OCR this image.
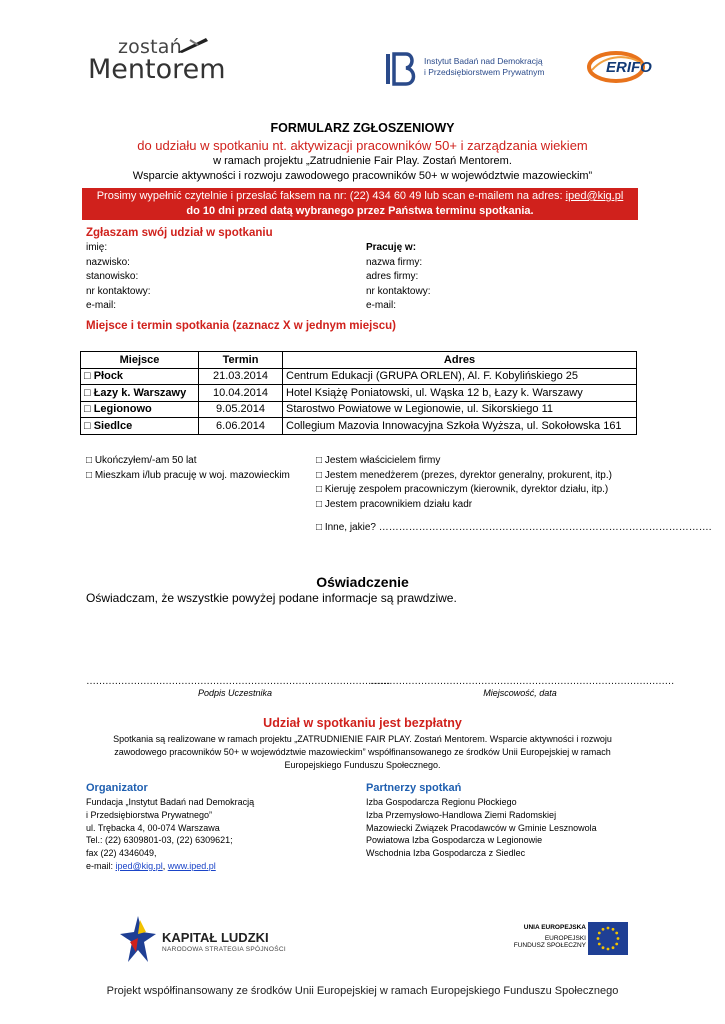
zostań
Mentorem	Instytut Badań nad Demokracją
i Przedsiębiorstwem Prywatnym	ERIFO
FORMULARZ ZGŁOSZENIOWY
do udziału w spotkaniu nt. aktywizacji pracowników 50+ i zarządzania wiekiem
w ramach projektu „Zatrudnienie Fair Play. Zostań Mentorem.
Wsparcie aktywności i rozwoju zawodowego pracowników 50+ w województwie mazowieckim”
Prosimy wypełnić czytelnie i przesłać faksem na nr: (22) 434 60 49 lub scan e-mailem na adres: iped@kig.pl
do 10 dni przed datą wybranego przez Państwa terminu spotkania.
Zgłaszam swój udział w spotkaniu
imię:
nazwisko:
stanowisko:
nr kontaktowy:
e-mail:
Pracuję w:
nazwa firmy:
adres firmy:
nr kontaktowy:
e-mail:
Miejsce i termin spotkania (zaznacz X w jednym miejscu)
Miejsce	Termin	Adres
□ Płock	21.03.2014	Centrum Edukacji (GRUPA ORLEN), Al. F. Kobylińskiego 25
□ Łazy k. Warszawy	10.04.2014	Hotel Książę Poniatowski, ul. Wąska 12 b, Łazy k. Warszawy
□ Legionowo	9.05.2014	Starostwo Powiatowe w Legionowie, ul. Sikorskiego 11
□ Siedlce	6.06.2014	Collegium Mazovia Innowacyjna Szkoła Wyższa, ul. Sokołowska 161
□ Ukończyłem/-am 50 lat
□ Mieszkam i/lub pracuję w woj. mazowieckim
□ Jestem właścicielem firmy
□ Jestem menedżerem (prezes, dyrektor generalny, prokurent, itp.)
□ Kieruję zespołem pracowniczym (kierownik, dyrektor działu, itp.)
□ Jestem pracownikiem działu kadr
□ Inne, jakie? ……………………………………………………………………………………….
Oświadczenie
Oświadczam, że wszystkie powyżej podane informacje są prawdziwe.
……………………………………………………………………………………
……………………………………………………………………………………
Podpis Uczestnika	Miejscowość, data
Udział w spotkaniu jest bezpłatny
Spotkania są realizowane w ramach projektu „ZATRUDNIENIE FAIR PLAY. Zostań Mentorem. Wsparcie aktywności i rozwoju zawodowego pracowników 50+ w województwie mazowieckim” współfinansowanego ze środków Unii Europejskiej w ramach Europejskiego Funduszu Społecznego.
Organizator
Fundacja „Instytut Badań nad Demokracją
i Przedsiębiorstwa Prywatnego”
ul. Trębacka 4, 00-074 Warszawa
Tel.: (22) 6309801-03, (22) 6309621;
fax (22) 4346049,
e-mail: iped@kig.pl, www.iped.pl
Partnerzy spotkań
Izba Gospodarcza Regionu Płockiego
Izba Przemysłowo-Handlowa Ziemi Radomskiej
Mazowiecki Związek Pracodawców w Gminie Lesznowola
Powiatowa Izba Gospodarcza w Legionowie
Wschodnia Izba Gospodarcza z Siedlec
KAPITAŁ LUDZKI
NARODOWA STRATEGIA SPÓJNOŚCI
UNIA EUROPEJSKA
EUROPEJSKI
FUNDUSZ SPOŁECZNY
Projekt współfinansowany ze środków Unii Europejskiej w ramach Europejskiego Funduszu Społecznego
